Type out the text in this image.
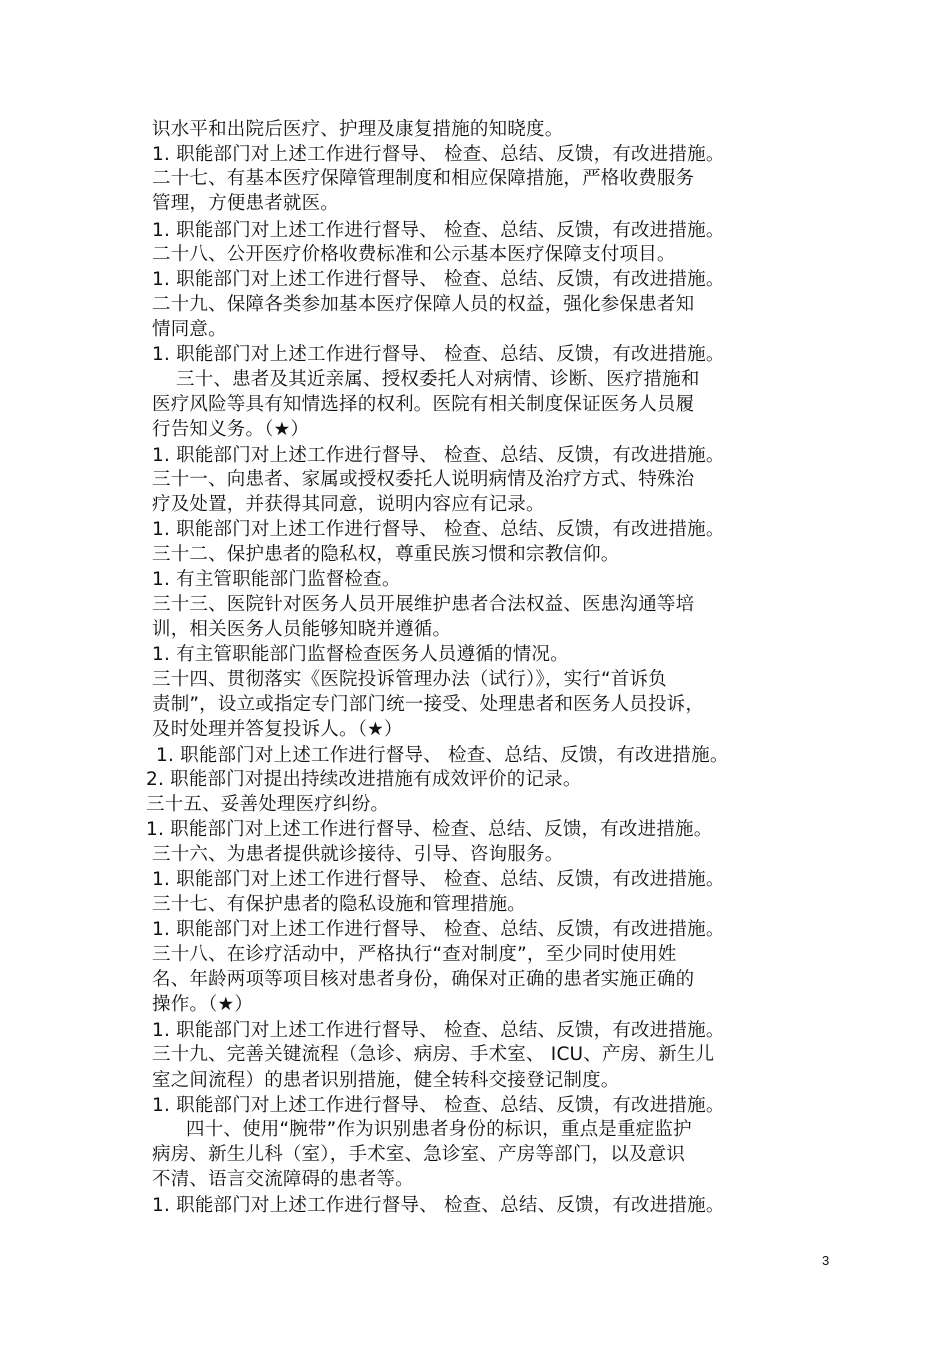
识水平和出院后医疗、护理及康复措施的知晓度。

1. 职能部门对上述工作进行督导、 检查、总结、反馈，有改进措施。

二十七、有基本医疗保障管理制度和相应保障措施，严格收费服务

管理，方便患者就医。

1. 职能部门对上述工作进行督导、 检查、总结、反馈，有改进措施。

二十八、公开医疗价格收费标准和公示基本医疗保障支付项目。

1. 职能部门对上述工作进行督导、 检查、总结、反馈，有改进措施。

二十九、保障各类参加基本医疗保障人员的权益，强化参保患者知

情同意。

1. 职能部门对上述工作进行督导、 检查、总结、反馈，有改进措施。

三十、患者及其近亲属、授权委托人对病情、诊断、医疗措施和

医疗风险等具有知情选择的权利。医院有相关制度保证医务人员履

行告知义务。（★）

1. 职能部门对上述工作进行督导、 检查、总结、反馈，有改进措施。

三十一、向患者、家属或授权委托人说明病情及治疗方式、特殊治

疗及处置，并获得其同意，说明内容应有记录。

1. 职能部门对上述工作进行督导、 检查、总结、反馈，有改进措施。

三十二、保护患者的隐私权，尊重民族习惯和宗教信仰。

1. 有主管职能部门监督检查。

三十三、医院针对医务人员开展维护患者合法权益、医患沟通等培

训，相关医务人员能够知晓并遵循。

1. 有主管职能部门监督检查医务人员遵循的情况。

三十四、贯彻落实《医院投诉管理办法（试行）》，实行“首诉负

责制”，设立或指定专门部门统一接受、处理患者和医务人员投诉，

及时处理并答复投诉人。（★）

1. 职能部门对上述工作进行督导、 检查、总结、反馈，有改进措施。

2. 职能部门对提出持续改进措施有成效评价的记录。

三十五、妥善处理医疗纠纷。

1. 职能部门对上述工作进行督导、检查、总结、反馈，有改进措施。

三十六、为患者提供就诊接待、引导、咨询服务。

1. 职能部门对上述工作进行督导、 检查、总结、反馈，有改进措施。

三十七、有保护患者的隐私设施和管理措施。

1. 职能部门对上述工作进行督导、 检查、总结、反馈，有改进措施。

三十八、在诊疗活动中，严格执行“查对制度”，至少同时使用姓

名、年龄两项等项目核对患者身份，确保对正确的患者实施正确的

操作。（★）

1. 职能部门对上述工作进行督导、 检查、总结、反馈，有改进措施。

三十九、完善关键流程（急诊、病房、手术室、 ICU、产房、新生儿

室之间流程）的患者识别措施，健全转科交接登记制度。

1. 职能部门对上述工作进行督导、 检查、总结、反馈，有改进措施。

四十、使用“腕带”作为识别患者身份的标识，重点是重症监护

病房、新生儿科（室），手术室、急诊室、产房等部门，以及意识

不清、语言交流障碍的患者等。

1. 职能部门对上述工作进行督导、 检查、总结、反馈，有改进措施。

3
